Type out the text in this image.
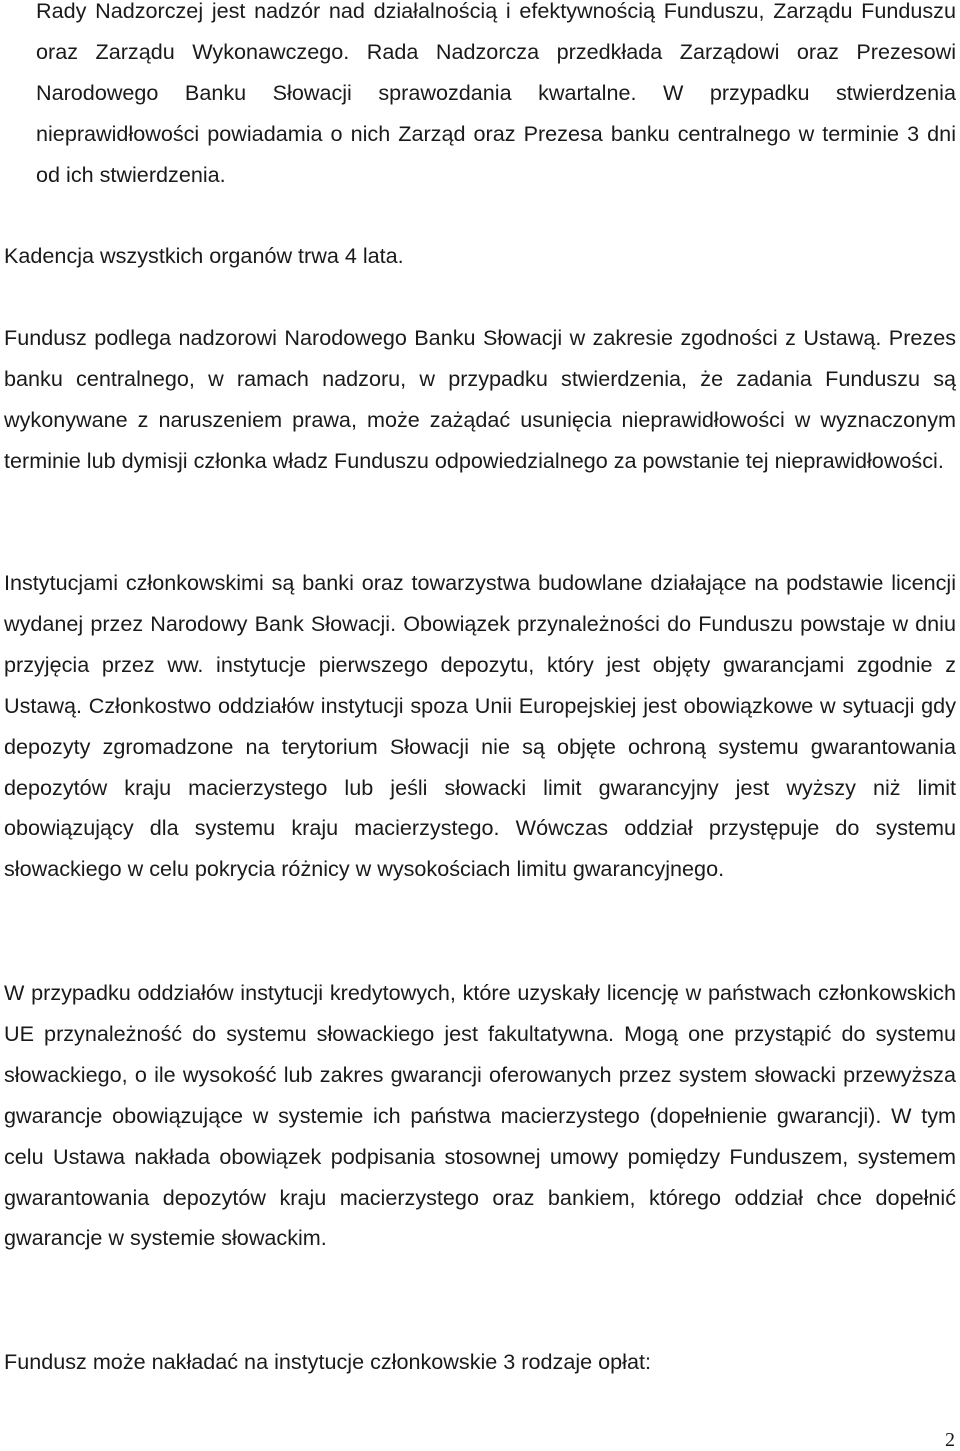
Rady Nadzorczej jest nadzór nad działalnością i efektywnością Funduszu, Zarządu Funduszu oraz Zarządu Wykonawczego. Rada Nadzorcza przedkłada Zarządowi oraz Prezesowi Narodowego Banku Słowacji sprawozdania kwartalne. W przypadku stwierdzenia nieprawidłowości powiadamia o nich Zarząd oraz Prezesa banku centralnego w terminie 3 dni od ich stwierdzenia.

Kadencja wszystkich organów trwa 4 lata.

Fundusz podlega nadzorowi Narodowego Banku Słowacji w zakresie zgodności z Ustawą. Prezes banku centralnego, w ramach nadzoru, w przypadku stwierdzenia, że zadania Funduszu są wykonywane z naruszeniem prawa, może zażądać usunięcia nieprawidłowości w wyznaczonym terminie lub dymisji członka władz Funduszu odpowiedzialnego za powstanie tej nieprawidłowości.

Instytucjami członkowskimi są banki oraz towarzystwa budowlane działające na podstawie licencji wydanej przez Narodowy Bank Słowacji. Obowiązek przynależności do Funduszu powstaje w dniu przyjęcia przez ww. instytucje pierwszego depozytu, który jest objęty gwarancjami zgodnie z Ustawą. Członkostwo oddziałów instytucji spoza Unii Europejskiej jest obowiązkowe w sytuacji gdy depozyty zgromadzone na terytorium Słowacji nie są objęte ochroną systemu gwarantowania depozytów kraju macierzystego lub jeśli słowacki limit gwarancyjny jest wyższy niż limit obowiązujący dla systemu kraju macierzystego. Wówczas oddział przystępuje do systemu słowackiego w celu pokrycia różnicy w wysokościach limitu gwarancyjnego.

W przypadku oddziałów instytucji kredytowych, które uzyskały licencję w państwach członkowskich UE przynależność do systemu słowackiego jest fakultatywna. Mogą one przystąpić do systemu słowackiego, o ile wysokość lub zakres gwarancji oferowanych przez system słowacki przewyższa gwarancje obowiązujące w systemie ich państwa macierzystego (dopełnienie gwarancji). W tym celu Ustawa nakłada obowiązek podpisania stosownej umowy pomiędzy Funduszem, systemem gwarantowania depozytów kraju macierzystego oraz bankiem, którego oddział chce dopełnić gwarancje w systemie słowackim.

Fundusz może nakładać na instytucje członkowskie 3 rodzaje opłat:

2
